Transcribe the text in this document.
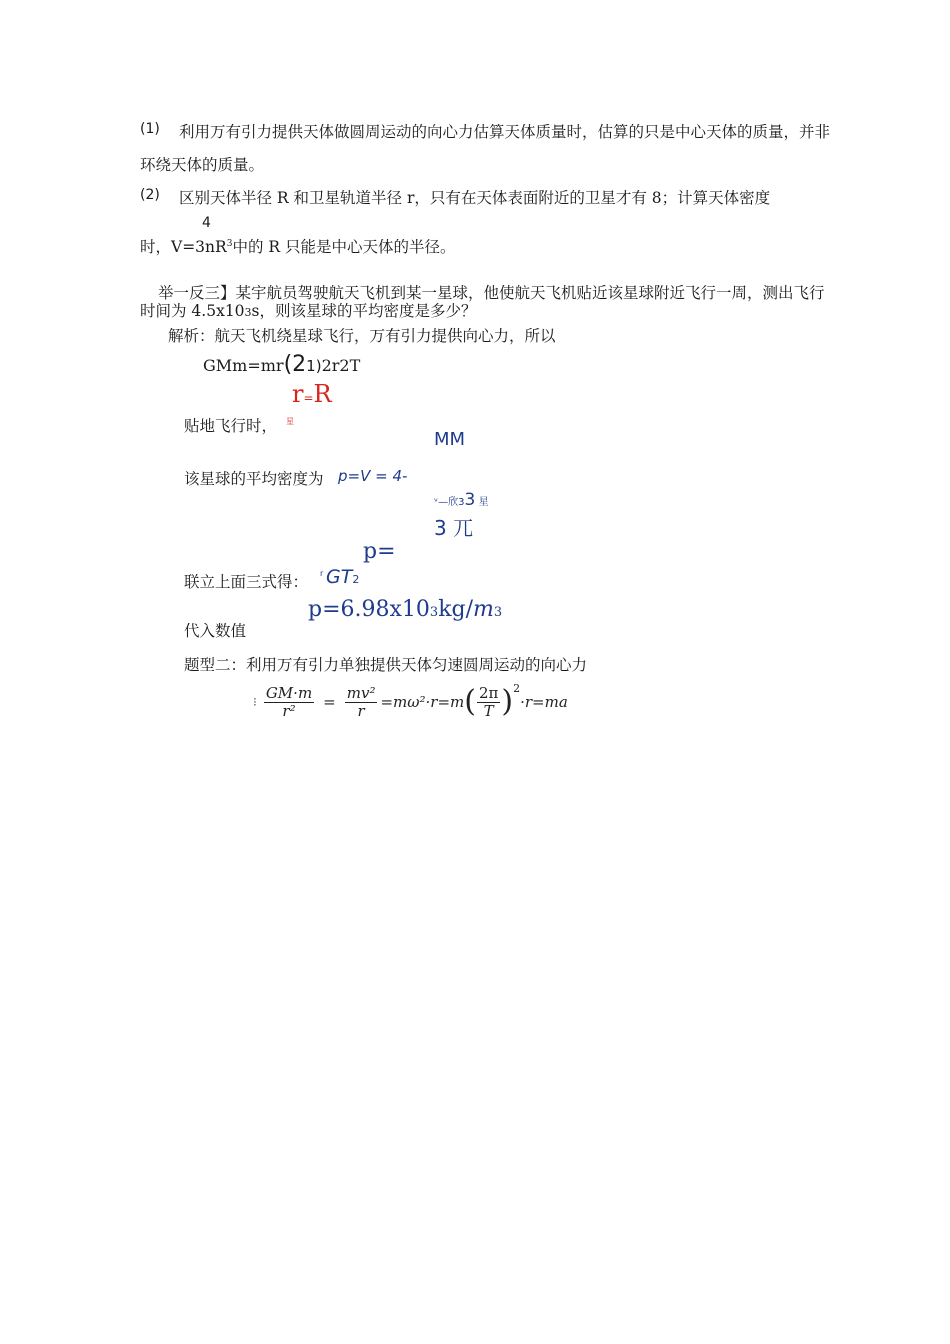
(1) 利用万有引力提供天体做圆周运动的向心力估算天体质量时，估算的只是中心天体的质量，并非
环绕天体的质量。
(2) 区别天体半径 R 和卫星轨道半径 r，只有在天体表面附近的卫星才有 8；计算天体密度
4
时，$V=3nR^3$中的 R 只能是中心天体的半径。
举一反三】某宇航员驾驶航天飞机到某一星球，他使航天飞机贴近该星球附近飞行一周，测出飞行
时间为 4.5x103s，则该星球的平均密度是多少？
解析：航天飞机绕星球飞行，万有引力提供向心力，所以
GMm=mr(21)2r2T
r=R
贴地飞行时， 星
MM
该星球的平均密度为 p=V = 4-
ᵛ—欣33 星
3 兀
p=
联立上面三式得： r GT2
p=6.98x103kg/m3
代入数值
题型二：利用万有引力单独提供天体匀速圆周运动的向心力
⁝ $\frac{GM\cdot m}{\text{r²}} = \frac{\text{mv²}}{r} =m\omega^2\cdot r=m$ ( $\frac{2\pi}{T} )^2$
·r=ma
